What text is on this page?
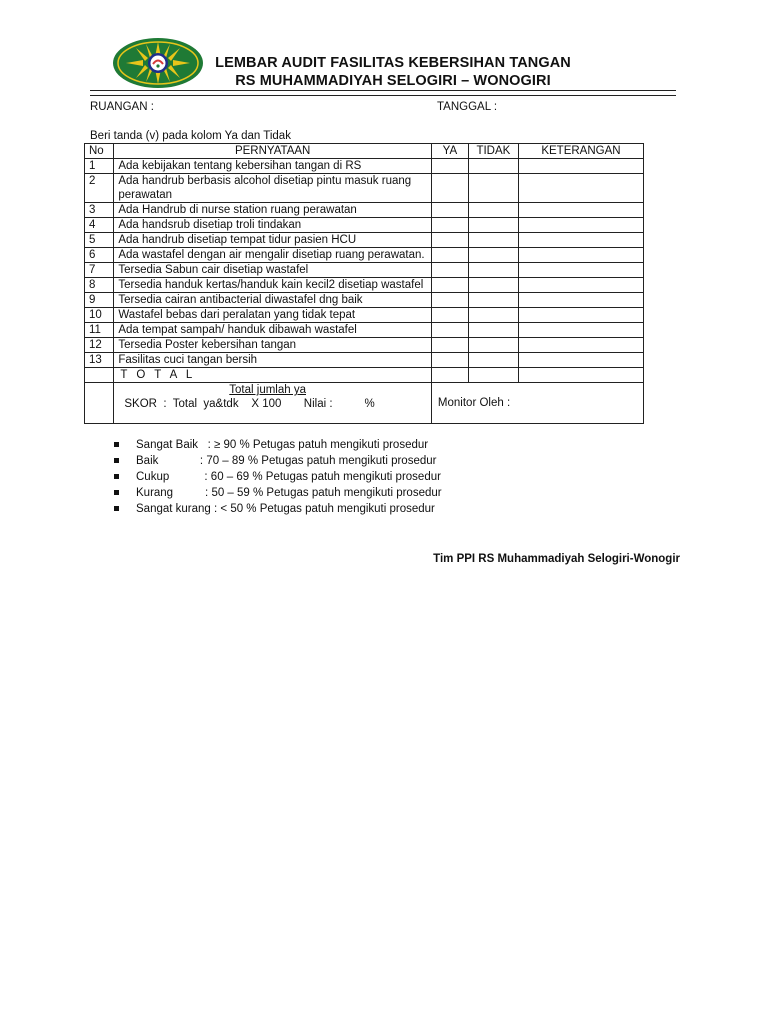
LEMBAR AUDIT FASILITAS KEBERSIHAN TANGAN
RS MUHAMMADIYAH SELOGIRI – WONOGIRI
RUANGAN :	TANGGAL :
Beri tanda (v) pada kolom Ya dan Tidak
No	PERNYATAAN	YA	TIDAK	KETERANGAN
1	Ada kebijakan tentang kebersihan tangan di RS			
2	Ada handrub berbasis alcohol disetiap pintu masuk ruang perawatan			
3	Ada Handrub di nurse station ruang perawatan			
4	Ada handsrub disetiap troli tindakan			
5	Ada handrub disetiap tempat tidur pasien HCU			
6	Ada wastafel dengan air mengalir disetiap ruang perawatan.			
7	Tersedia Sabun cair disetiap wastafel			
8	Tersedia handuk kertas/handuk kain kecil2 disetiap wastafel			
9	Tersedia cairan antibacterial diwastafel dng baik			
10	Wastafel bebas dari peralatan yang tidak tepat			
11	Ada tempat sampah/ handuk dibawah wastafel			
12	Tersedia Poster kebersihan tangan			
13	Fasilitas cuci tangan bersih			
	T O T A L			

	Total jumlah ya
SKOR  : Total  ya&tdk X 100 Nilai : %	Monitor Oleh :		
Sangat Baik   : ≥ 90 % Petugas patuh mengikuti prosedur
Baik             : 70 – 89 % Petugas patuh mengikuti prosedur
Cukup           : 60 – 69 % Petugas patuh mengikuti prosedur
Kurang          : 50 – 59 % Petugas patuh mengikuti prosedur
Sangat kurang : < 50 % Petugas patuh mengikuti prosedur
Tim PPI RS Muhammadiyah Selogiri-Wonogir
